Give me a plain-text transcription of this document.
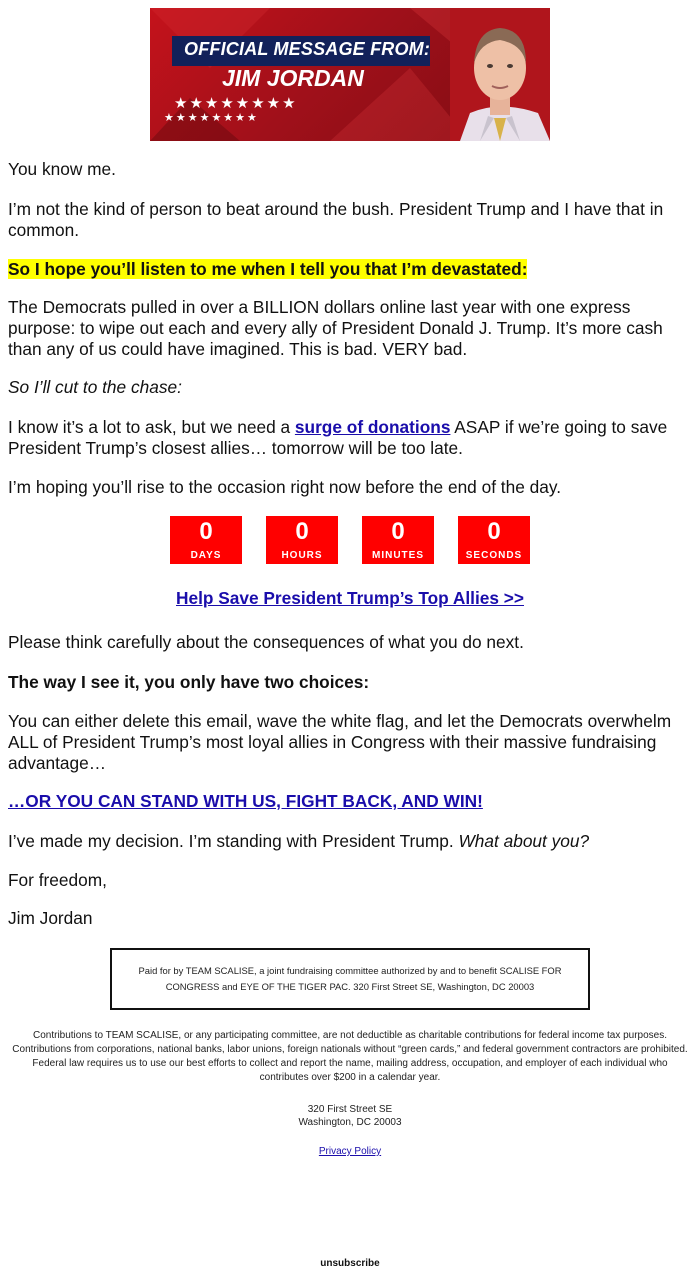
OFFICIAL MESSAGE FROM:
JIM JORDAN
★★★★★★★★
★★★★★★★★

You know me.

I’m not the kind of person to beat around the bush. President Trump and I have that in common.

So I hope you’ll listen to me when I tell you that I’m devastated:

The Democrats pulled in over a BILLION dollars online last year with one express purpose: to wipe out each and every ally of President Donald J. Trump. It’s more cash than any of us could have imagined. This is bad. VERY bad.

So I’ll cut to the chase:

I know it’s a lot to ask, but we need a surge of donations ASAP if we’re going to save President Trump’s closest allies… tomorrow will be too late.

I’m hoping you’ll rise to the occasion right now before the end of the day.

0
DAYS
0
HOURS
0
MINUTES
0
SECONDS
Help Save President Trump’s Top Allies >>

Please think carefully about the consequences of what you do next.

The way I see it, you only have two choices:

You can either delete this email, wave the white flag, and let the Democrats overwhelm ALL of President Trump’s most loyal allies in Congress with their massive fundraising advantage…

…OR YOU CAN STAND WITH US, FIGHT BACK, AND WIN!

I’ve made my decision. I’m standing with President Trump. What about you?

For freedom,

Jim Jordan

Paid for by TEAM SCALISE, a joint fundraising committee authorized by and to benefit SCALISE FOR CONGRESS and EYE OF THE TIGER PAC. 320 First Street SE, Washington, DC 20003

Contributions to TEAM SCALISE, or any participating committee, are not deductible as charitable contributions for federal income tax purposes. Contributions from corporations, national banks, labor unions, foreign nationals without “green cards,” and federal government contractors are prohibited. Federal law requires us to use our best efforts to collect and report the name, mailing address, occupation, and employer of each individual who contributes over $200 in a calendar year.

320 First Street SE

Washington, DC 20003

Privacy Policy

unsubscribe
